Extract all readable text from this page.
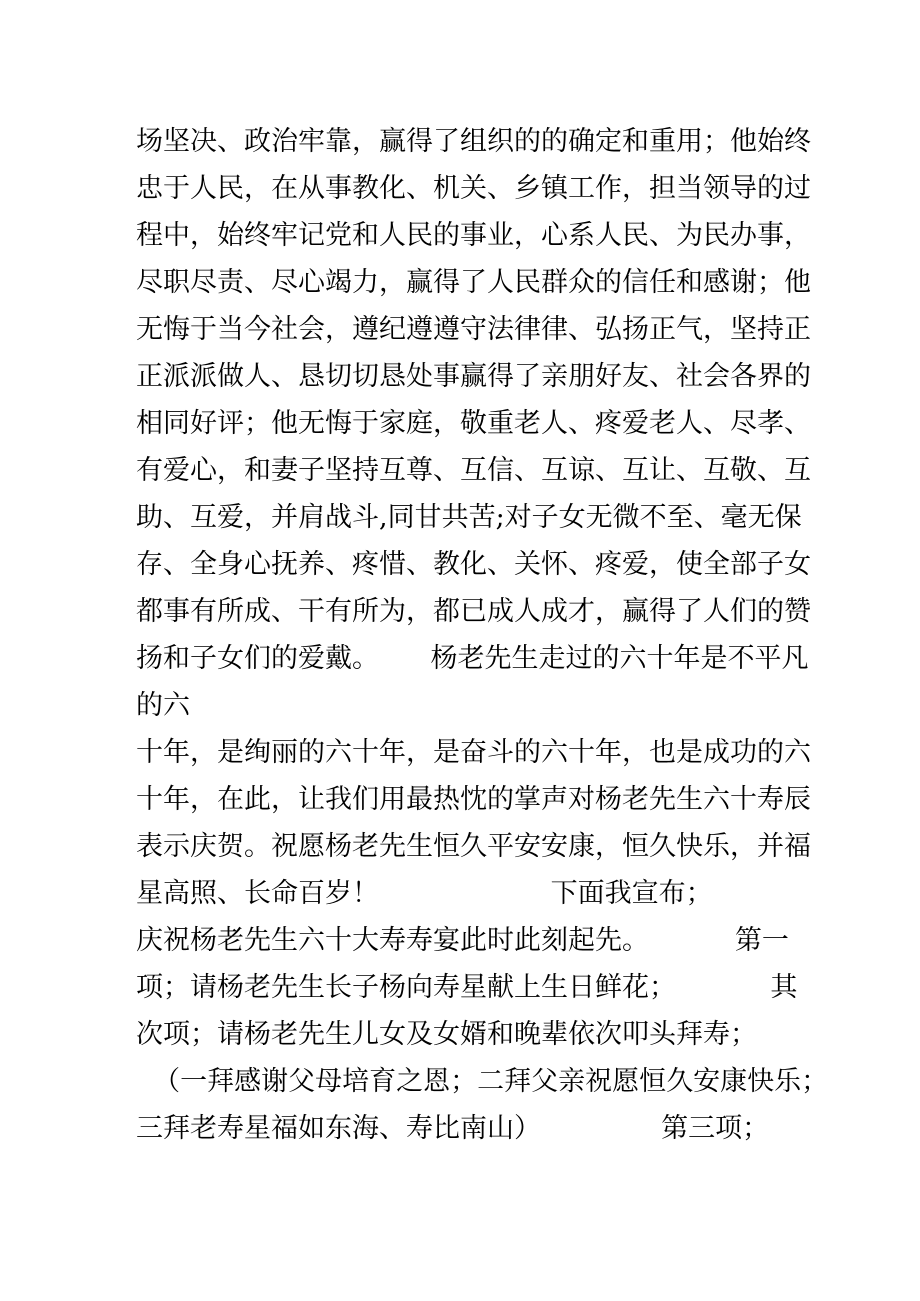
场坚决、政治牢靠，赢得了组织的的确定和重用；他始终
忠于人民，在从事教化、机关、乡镇工作，担当领导的过
程中，始终牢记党和人民的事业，心系人民、为民办事，
尽职尽责、尽心竭力，赢得了人民群众的信任和感谢；他
无悔于当今社会，遵纪遵遵守法律律、弘扬正气，坚持正
正派派做人、恳切切恳处事赢得了亲朋好友、社会各界的
相同好评；他无悔于家庭，敬重老人、疼爱老人、尽孝、
有爱心，和妻子坚持互尊、互信、互谅、互让、互敬、互
助、互爱，并肩战斗,同甘共苦;对子女无微不至、毫无保
存、全身心抚养、疼惜、教化、关怀、疼爱，使全部子女
都事有所成、干有所为，都已成人成才，赢得了人们的赞
扬和子女们的爱戴。      杨老先生走过的六十年是不平凡
的六
十年，是绚丽的六十年，是奋斗的六十年，也是成功的六
十年，在此，让我们用最热忱的掌声对杨老先生六十寿辰
表示庆贺。祝愿杨老先生恒久平安安康，恒久快乐，并福
星高照、长命百岁！                    下面我宣布；
庆祝杨老先生六十大寿寿宴此时此刻起先。          第一
项；请杨老先生长子杨向寿星献上生日鲜花；           其
次项；请杨老先生儿女及女婿和晚辈依次叩头拜寿；
（一拜感谢父母培育之恩；二拜父亲祝愿恒久安康快乐；
三拜老寿星福如东海、寿比南山）              第三项；
